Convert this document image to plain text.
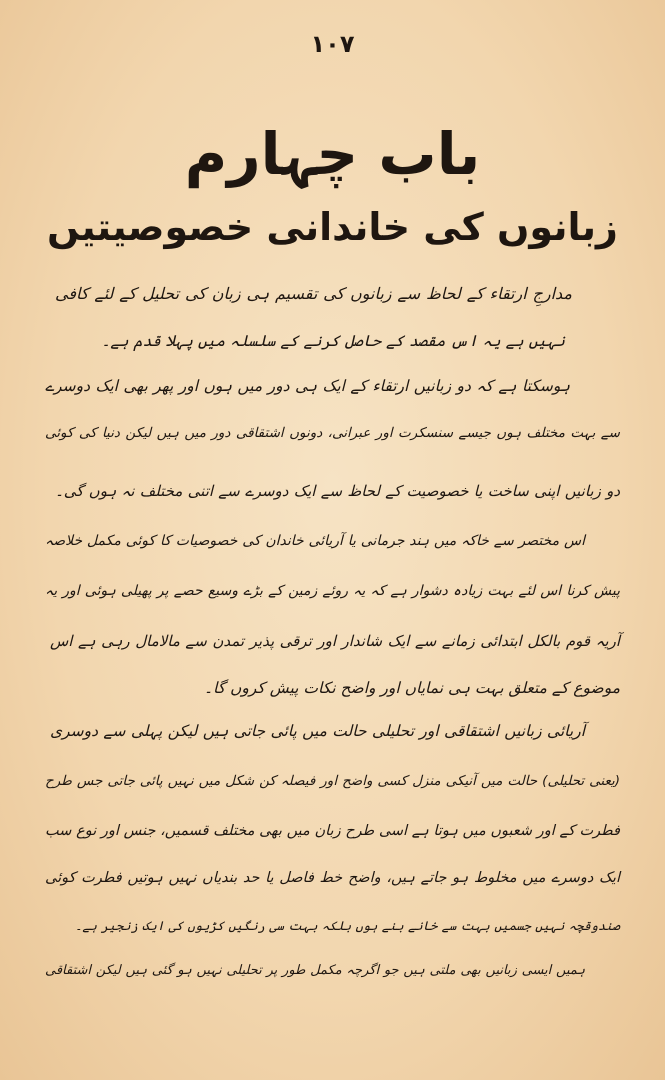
۱۰۷
باب چہارم
زبانوں کی خاندانی خصوصیتیں
مدارجِ ارتقاء کے لحاظ سے زبانوں کی تقسیم ہی زبان کی تحلیل کے لئے کافی
نہیں ہے یہ اس مقصد کے حاصل کرنے کے سلسلہ میں پہلا قدم ہے۔
ہوسکتا ہے کہ دو زبانیں ارتقاء کے ایک ہی دور میں ہوں اور پھر بھی ایک دوسرے
سے بہت مختلف ہوں جیسے سنسکرت اور عبرانی، دونوں اشتقاقی دور میں ہیں لیکن دنیا کی کوئی
دو زبانیں اپنی ساخت یا خصوصیت کے لحاظ سے ایک دوسرے سے اتنی مختلف نہ ہوں گی۔
اس مختصر سے خاکہ میں ہند جرمانی یا آریائی خاندان کی خصوصیات کا کوئی مکمل خلاصہ
پیش کرنا اس لئے بہت زیادہ دشوار ہے کہ یہ روئے زمین کے بڑے وسیع حصے پر پھیلی ہوئی اور یہ
آریہ قوم بالکل ابتدائی زمانے سے ایک شاندار اور ترقی پذیر تمدن سے مالامال رہی ہے اس
موضوع کے متعلق بہت ہی نمایاں اور واضح نکات پیش کروں گا۔
آریائی زبانیں اشتقاقی اور تحلیلی حالت میں پائی جاتی ہیں لیکن پہلی سے دوسری
(یعنی تحلیلی) حالت میں آنیکی منزل کسی واضح اور فیصلہ کن شکل میں نہیں پائی جاتی جس طرح
فطرت کے اور شعبوں میں ہوتا ہے اسی طرح زبان میں بھی مختلف قسمیں، جنس اور نوع سب
ایک دوسرے میں مخلوط ہو جاتے ہیں، واضح خط فاصل یا حد بندیاں نہیں ہوتیں فطرت کوئی
صندوقچہ نہیں جسمیں بہت سے خانے بنے ہوں بلکہ بہت سی رنگیں کڑیوں کی ایک زنجیر ہے۔
ہمیں ایسی زبانیں بھی ملتی ہیں جو اگرچہ مکمل طور پر تحلیلی نہیں ہو گئی ہیں لیکن اشتقاقی
